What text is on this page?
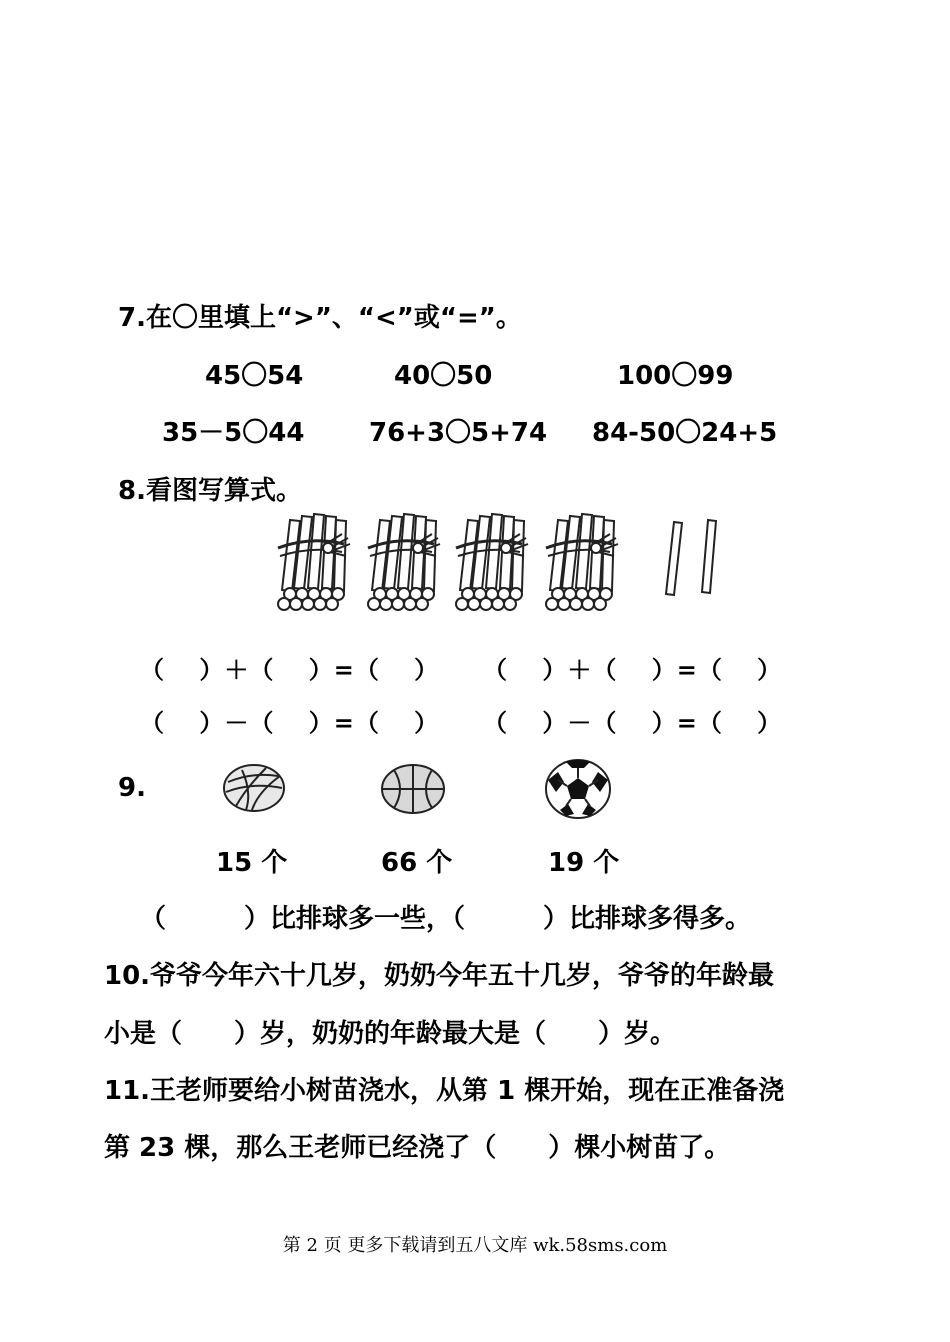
7.在〇里填上“>”、“<”或“=”。
45〇54	40〇50	100〇99
35－5〇44 76+3〇5+74 84-50〇24+5
8.看图写算式。
（　 ）＋（　 ）=（　 ） （　 ）＋（　 ）=（　 ）
（　 ）－（　 ）=（　 ） （　 ）－（　 ）=（　 ）
9.
15 个	66 个	19 个
（　　　）比排球多一些，（　　　）比排球多得多。
10.爷爷今年六十几岁，奶奶今年五十几岁，爷爷的年龄最
小是（　　）岁，奶奶的年龄最大是（　　）岁。
11.王老师要给小树苗浇水，从第 1 棵开始，现在正准备浇
第 23 棵，那么王老师已经浇了（　　）棵小树苗了。
第 2 页 更多下载请到五八文库 wk.58sms.com
